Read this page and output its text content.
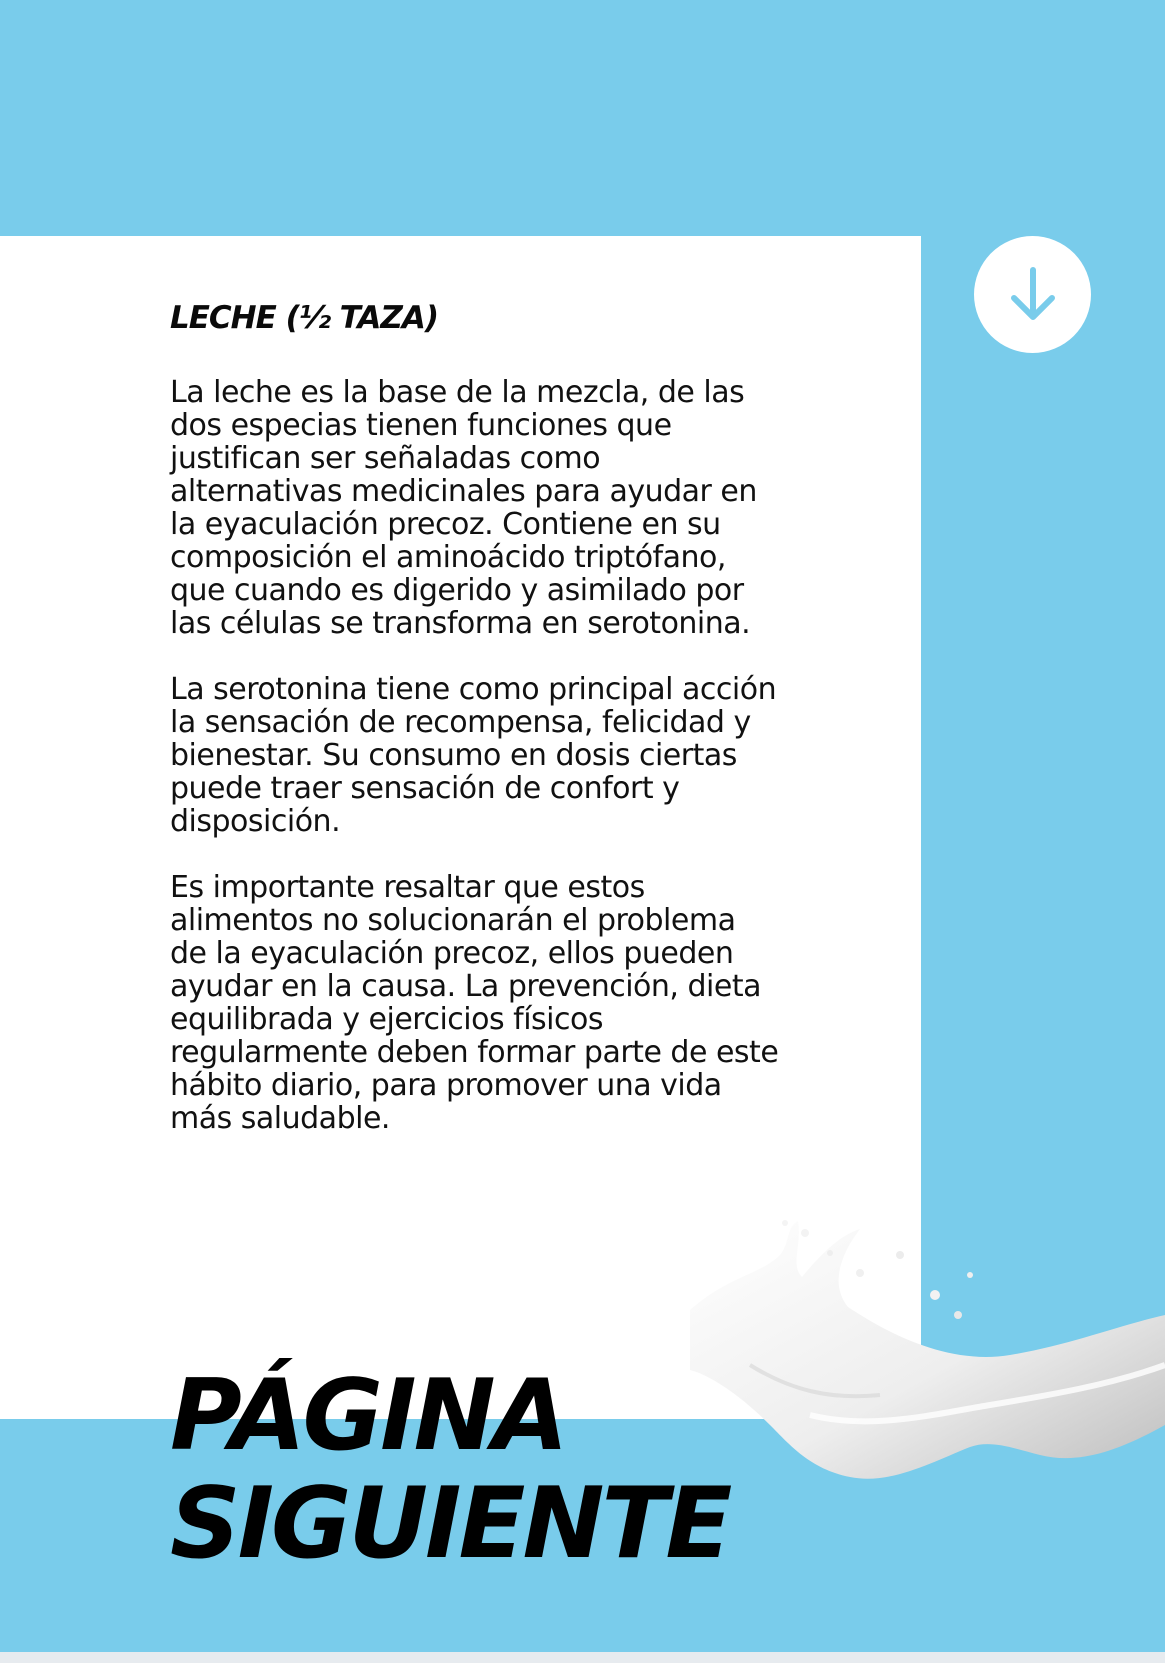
LECHE (½ TAZA)

La leche es la base de la mezcla, de las dos especias tienen funciones que justifican ser señaladas como alternativas medicinales para ayudar en la eyaculación precoz. Contiene en su composición el aminoácido triptófano, que cuando es digerido y asimilado por las células se transforma en serotonina.

La serotonina tiene como principal acción la sensación de recompensa, felicidad y bienestar. Su consumo en dosis ciertas puede traer sensación de confort y disposición.

Es importante resaltar que estos alimentos no solucionarán el problema de la eyaculación precoz, ellos pueden ayudar en la causa. La prevención, dieta equilibrada y ejercicios físicos regularmente deben formar parte de este hábito diario, para promover una vida más saludable.

PÁGINA
SIGUIENTE
